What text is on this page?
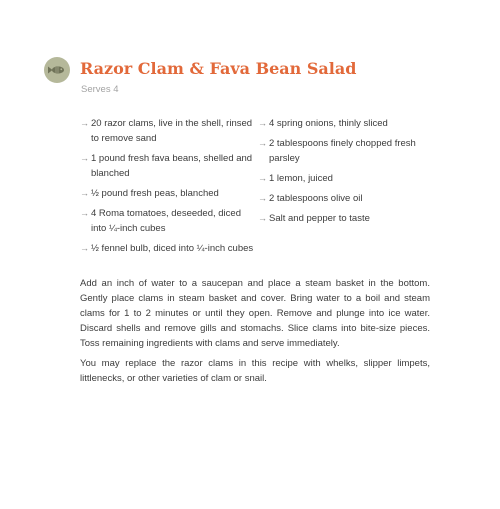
Razor Clam & Fava Bean Salad
Serves 4
→ 20 razor clams, live in the shell, rinsed to remove sand
→ 1 pound fresh fava beans, shelled and blanched
→ ½ pound fresh peas, blanched
→ 4 Roma tomatoes, deseeded, diced into ¼-inch cubes
→ ½ fennel bulb, diced into ¼-inch cubes
→ 4 spring onions, thinly sliced
→ 2 tablespoons finely chopped fresh parsley
→ 1 lemon, juiced
→ 2 tablespoons olive oil
→ Salt and pepper to taste

Add an inch of water to a saucepan and place a steam basket in the bottom. Gently place clams in steam basket and cover. Bring water to a boil and steam clams for 1 to 2 minutes or until they open. Remove and plunge into ice water. Discard shells and remove gills and stomachs. Slice clams into bite-size pieces. Toss remaining ingredients with clams and serve immediately.

You may replace the razor clams in this recipe with whelks, slipper limpets, littlenecks, or other varieties of clam or snail.
